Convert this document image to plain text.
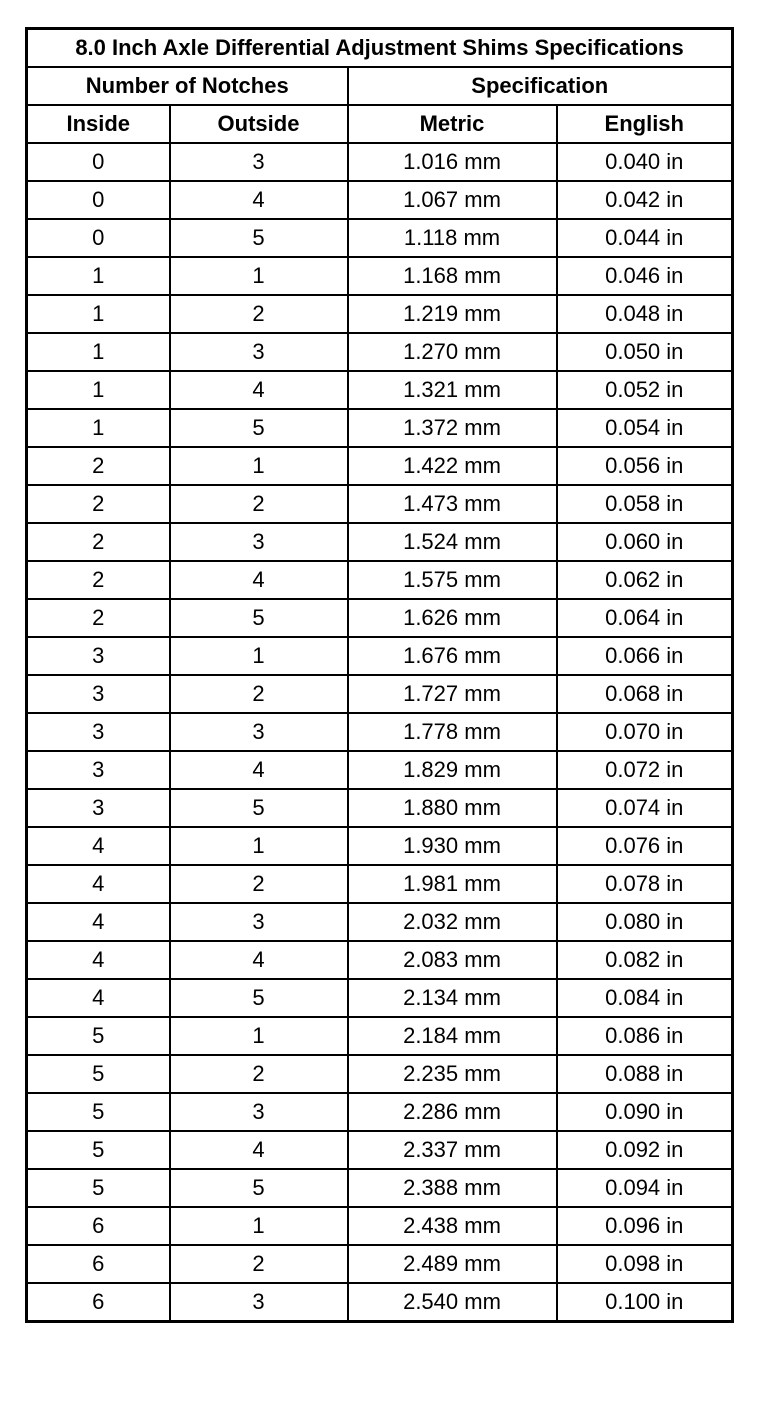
8.0 Inch Axle Differential Adjustment Shims Specifications			
Number of Notches		Specification	
Inside	Outside	Metric	English
0	3	1.016 mm	0.040 in
0	4	1.067 mm	0.042 in
0	5	1.118 mm	0.044 in
1	1	1.168 mm	0.046 in
1	2	1.219 mm	0.048 in
1	3	1.270 mm	0.050 in
1	4	1.321 mm	0.052 in
1	5	1.372 mm	0.054 in
2	1	1.422 mm	0.056 in
2	2	1.473 mm	0.058 in
2	3	1.524 mm	0.060 in
2	4	1.575 mm	0.062 in
2	5	1.626 mm	0.064 in
3	1	1.676 mm	0.066 in
3	2	1.727 mm	0.068 in
3	3	1.778 mm	0.070 in
3	4	1.829 mm	0.072 in
3	5	1.880 mm	0.074 in
4	1	1.930 mm	0.076 in
4	2	1.981 mm	0.078 in
4	3	2.032 mm	0.080 in
4	4	2.083 mm	0.082 in
4	5	2.134 mm	0.084 in
5	1	2.184 mm	0.086 in
5	2	2.235 mm	0.088 in
5	3	2.286 mm	0.090 in
5	4	2.337 mm	0.092 in
5	5	2.388 mm	0.094 in
6	1	2.438 mm	0.096 in
6	2	2.489 mm	0.098 in
6	3	2.540 mm	0.100 in
